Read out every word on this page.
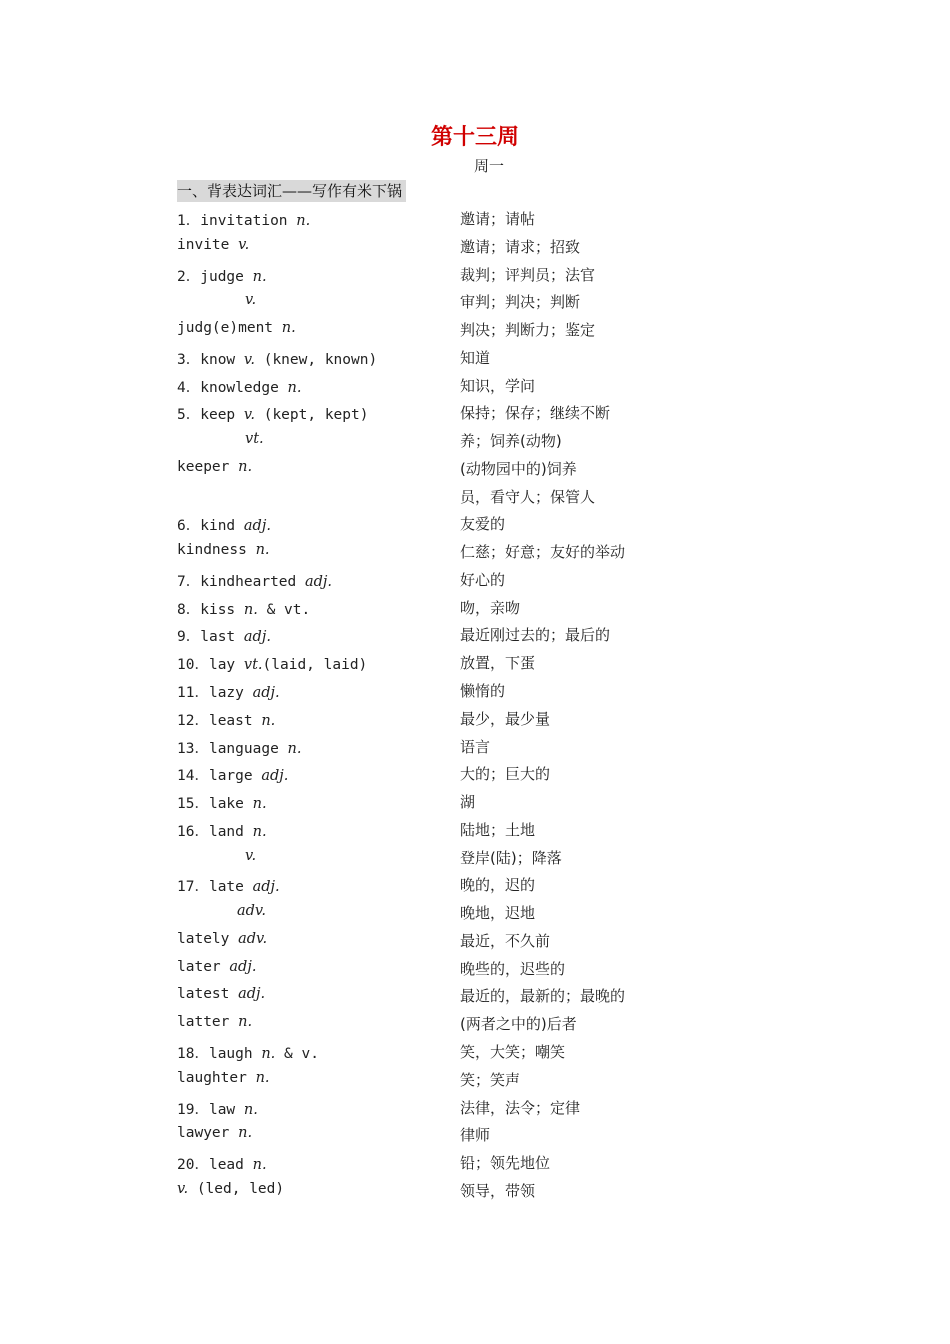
第十三周
周一
一、背表达词汇——写作有米下锅
1．invitation n.	邀请；请帖
invite v.	邀请；请求；招致
2．judge n.	裁判；评判员；法官
v.	审判；判决；判断
judg(e)ment n.	判决；判断力；鉴定
3．know v. (knew, known)	知道
4．knowledge n.	知识，学问
5．keep v. (kept, kept)	保持；保存；继续不断
vt.	养；饲养(动物)
keeper n.	(动物园中的)饲养
员，看守人；保管人
6．kind adj.	友爱的
kindness n.	仁慈；好意；友好的举动
7．kindhearted adj.	好心的
8．kiss n. & vt.	吻，亲吻
9．last adj.	最近刚过去的；最后的
10．lay vt.(laid, laid)	放置，下蛋
11．lazy adj.	懒惰的
12．least n.	最少，最少量
13．language n.	语言
14．large adj.	大的；巨大的
15．lake n.	湖
16．land n.	陆地；土地
v.	登岸(陆)；降落
17．late adj.	晚的，迟的
adv.	晚地，迟地
lately adv.	最近，不久前
later adj.	晚些的，迟些的
latest adj.	最近的，最新的；最晚的
latter n.	(两者之中的)后者
18．laugh n. & v.	笑，大笑；嘲笑
laughter n.	笑；笑声
19．law n.	法律，法令；定律
lawyer n.	律师
20．lead n.	铅；领先地位
v. (led, led)	领导，带领
